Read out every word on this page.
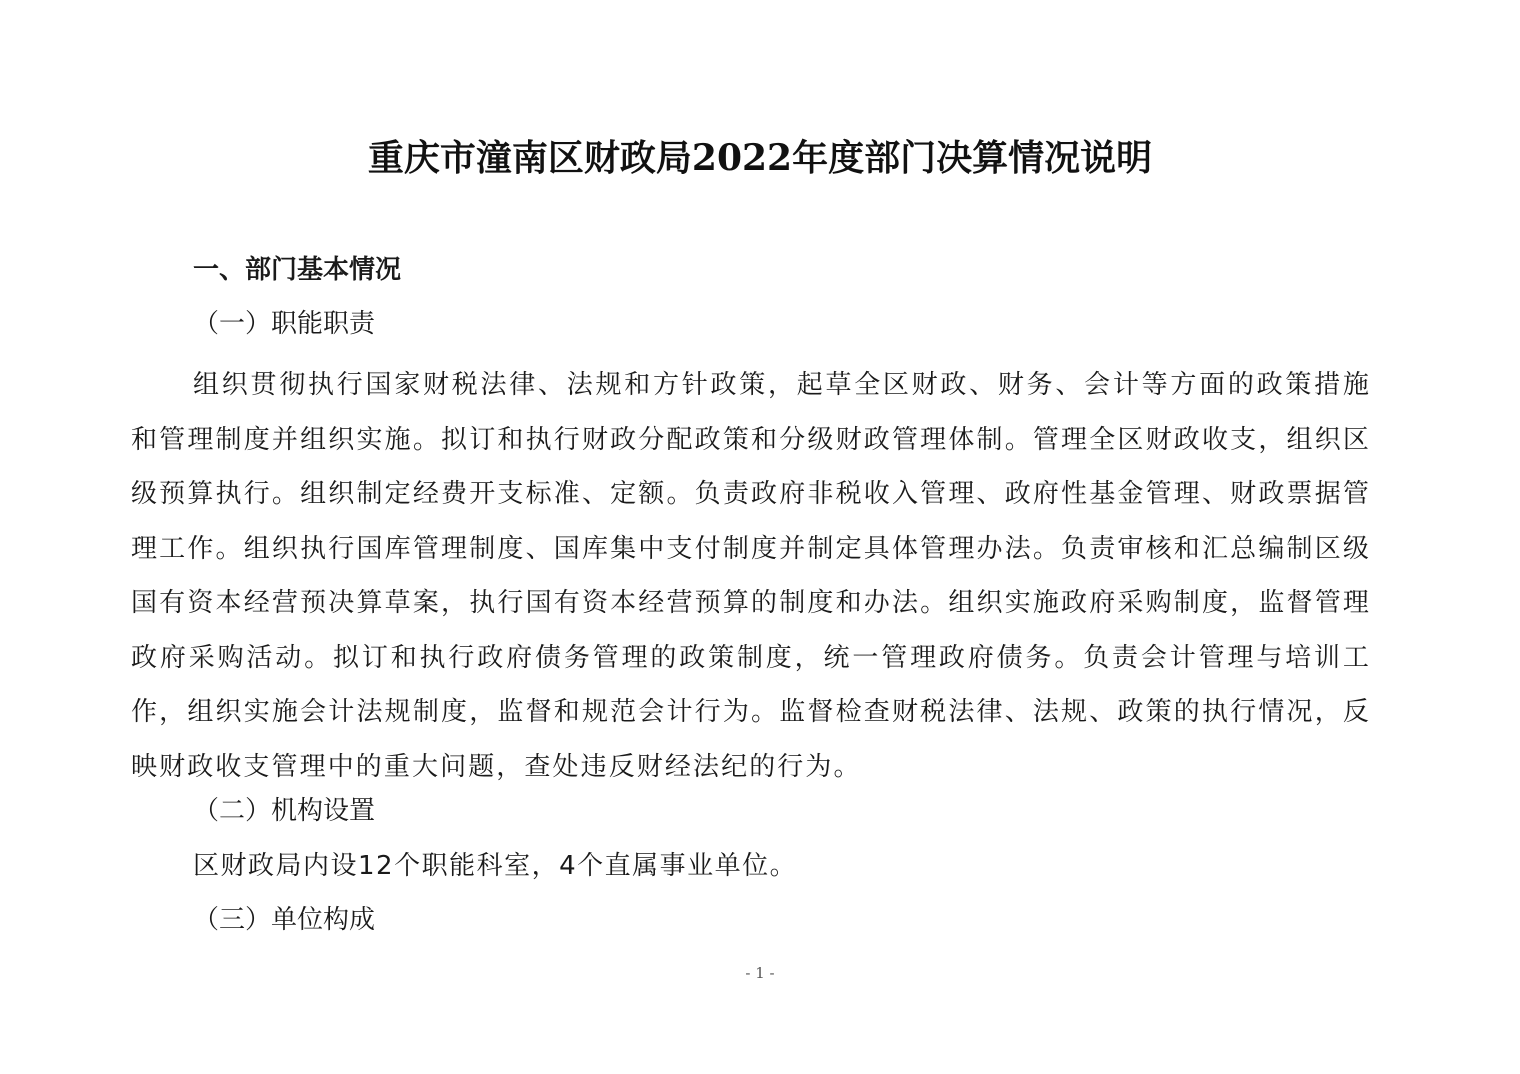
重庆市潼南区财政局2022年度部门决算情况说明
一、部门基本情况
（一）职能职责
组织贯彻执行国家财税法律、法规和方针政策，起草全区财政、财务、会计等方面的政策措施和管理制度并组织实施。拟订和执行财政分配政策和分级财政管理体制。管理全区财政收支，组织区级预算执行。组织制定经费开支标准、定额。负责政府非税收入管理、政府性基金管理、财政票据管理工作。组织执行国库管理制度、国库集中支付制度并制定具体管理办法。负责审核和汇总编制区级国有资本经营预决算草案，执行国有资本经营预算的制度和办法。组织实施政府采购制度，监督管理政府采购活动。拟订和执行政府债务管理的政策制度，统一管理政府债务。负责会计管理与培训工作，组织实施会计法规制度，监督和规范会计行为。监督检查财税法律、法规、政策的执行情况，反映财政收支管理中的重大问题，查处违反财经法纪的行为。
（二）机构设置
区财政局内设12个职能科室，4个直属事业单位。
（三）单位构成
- 1 -
